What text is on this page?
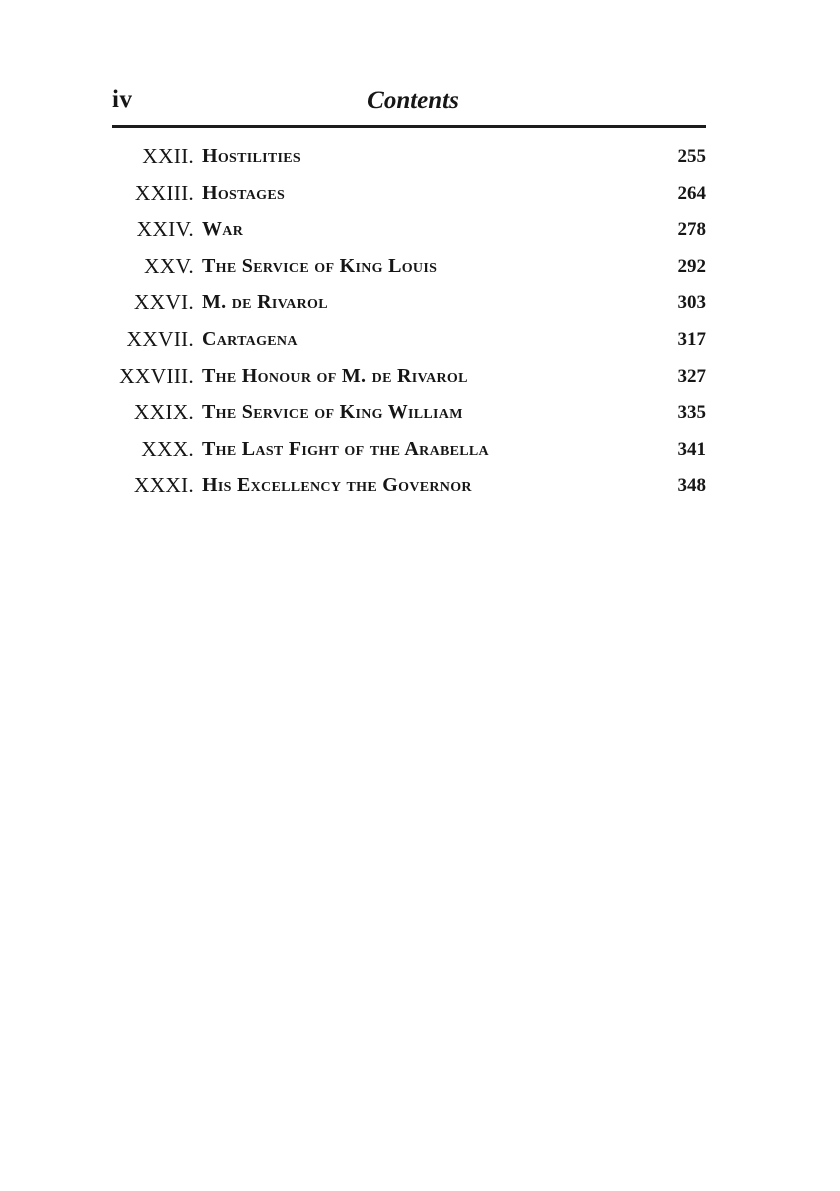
iv	Contents
XXII. Hostilities	255
XXIII. Hostages	264
XXIV. War	278
XXV. The Service of King Louis	292
XXVI. M. de Rivarol	303
XXVII. Cartagena	317
XXVIII. The Honour of M. de Rivarol	327
XXIX. The Service of King William	335
XXX. The Last Fight of the Arabella	341
XXXI. His Excellency the Governor	348
